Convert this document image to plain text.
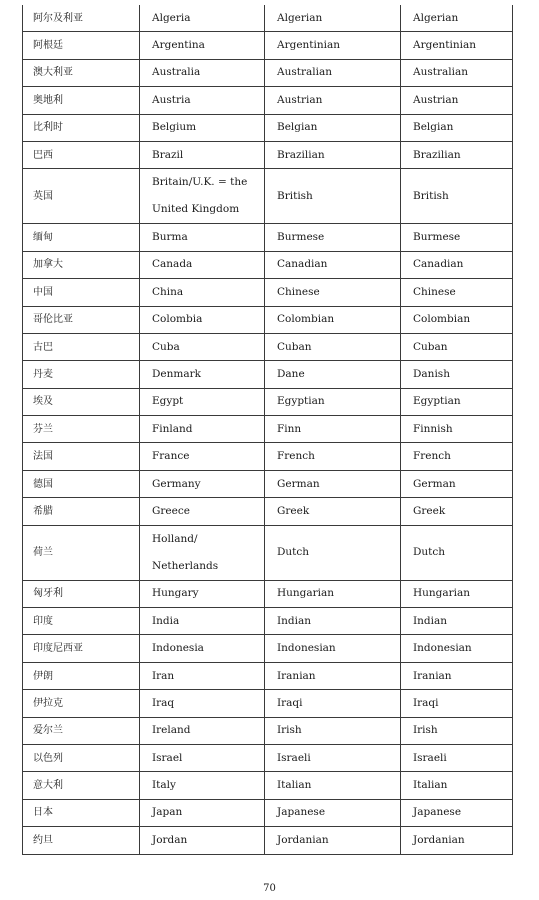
阿尔及利亚	Algeria	Algerian	Algerian
阿根廷	Argentina	Argentinian	Argentinian
澳大利亚	Australia	Australian	Australian
奥地利	Austria	Austrian	Austrian
比利时	Belgium	Belgian	Belgian
巴西	Brazil	Brazilian	Brazilian
英国	Britain/U.K. = the United Kingdom	British	British
缅甸	Burma	Burmese	Burmese
加拿大	Canada	Canadian	Canadian
中国	China	Chinese	Chinese
哥伦比亚	Colombia	Colombian	Colombian
古巴	Cuba	Cuban	Cuban
丹麦	Denmark	Dane	Danish
埃及	Egypt	Egyptian	Egyptian
芬兰	Finland	Finn	Finnish
法国	France	French	French
德国	Germany	German	German
希腊	Greece	Greek	Greek
荷兰	Holland/ Netherlands	Dutch	Dutch
匈牙利	Hungary	Hungarian	Hungarian
印度	India	Indian	Indian
印度尼西亚	Indonesia	Indonesian	Indonesian
伊朗	Iran	Iranian	Iranian
伊拉克	Iraq	Iraqi	Iraqi
爱尔兰	Ireland	Irish	Irish
以色列	Israel	Israeli	Israeli
意大利	Italy	Italian	Italian
日本	Japan	Japanese	Japanese
约旦	Jordan	Jordanian	Jordanian
70
